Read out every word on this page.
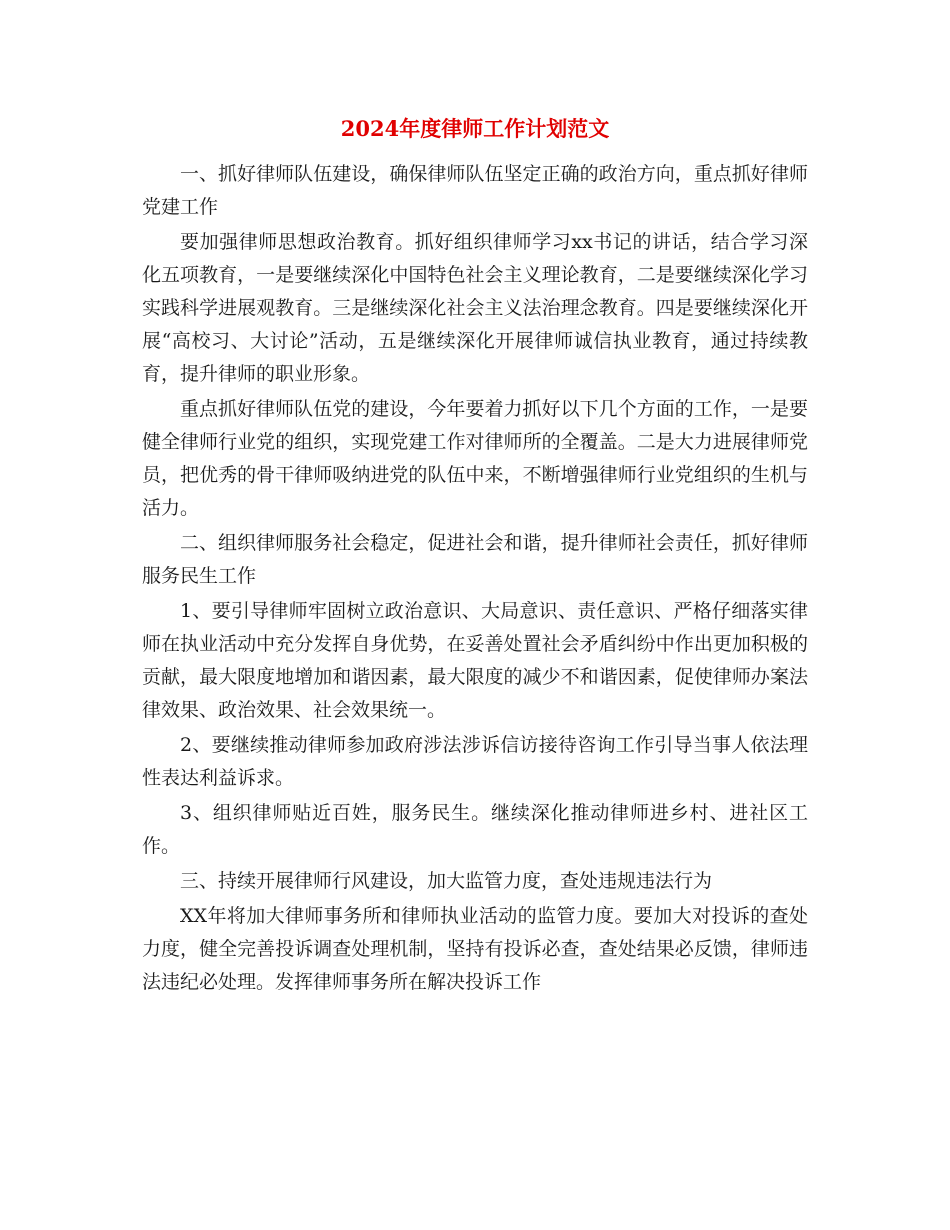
2024年度律师工作计划范文

一、抓好律师队伍建设，确保律师队伍坚定正确的政治方向，重点抓好律师党建工作

要加强律师思想政治教育。抓好组织律师学习xx书记的讲话，结合学习深化五项教育，一是要继续深化中国特色社会主义理论教育，二是要继续深化学习实践科学进展观教育。三是继续深化社会主义法治理念教育。四是要继续深化开展“高校习、大讨论”活动，五是继续深化开展律师诚信执业教育，通过持续教育，提升律师的职业形象。

重点抓好律师队伍党的建设，今年要着力抓好以下几个方面的工作，一是要健全律师行业党的组织，实现党建工作对律师所的全覆盖。二是大力进展律师党员，把优秀的骨干律师吸纳进党的队伍中来，不断增强律师行业党组织的生机与活力。

二、组织律师服务社会稳定，促进社会和谐，提升律师社会责任，抓好律师服务民生工作

1、要引导律师牢固树立政治意识、大局意识、责任意识、严格仔细落实律师在执业活动中充分发挥自身优势，在妥善处置社会矛盾纠纷中作出更加积极的贡献，最大限度地增加和谐因素，最大限度的减少不和谐因素，促使律师办案法律效果、政治效果、社会效果统一。

2、要继续推动律师参加政府涉法涉诉信访接待咨询工作引导当事人依法理性表达利益诉求。

3、组织律师贴近百姓，服务民生。继续深化推动律师进乡村、进社区工作。

三、持续开展律师行风建设，加大监管力度，查处违规违法行为

XX年将加大律师事务所和律师执业活动的监管力度。要加大对投诉的查处力度，健全完善投诉调查处理机制，坚持有投诉必查，查处结果必反馈，律师违法违纪必处理。发挥律师事务所在解决投诉工作
